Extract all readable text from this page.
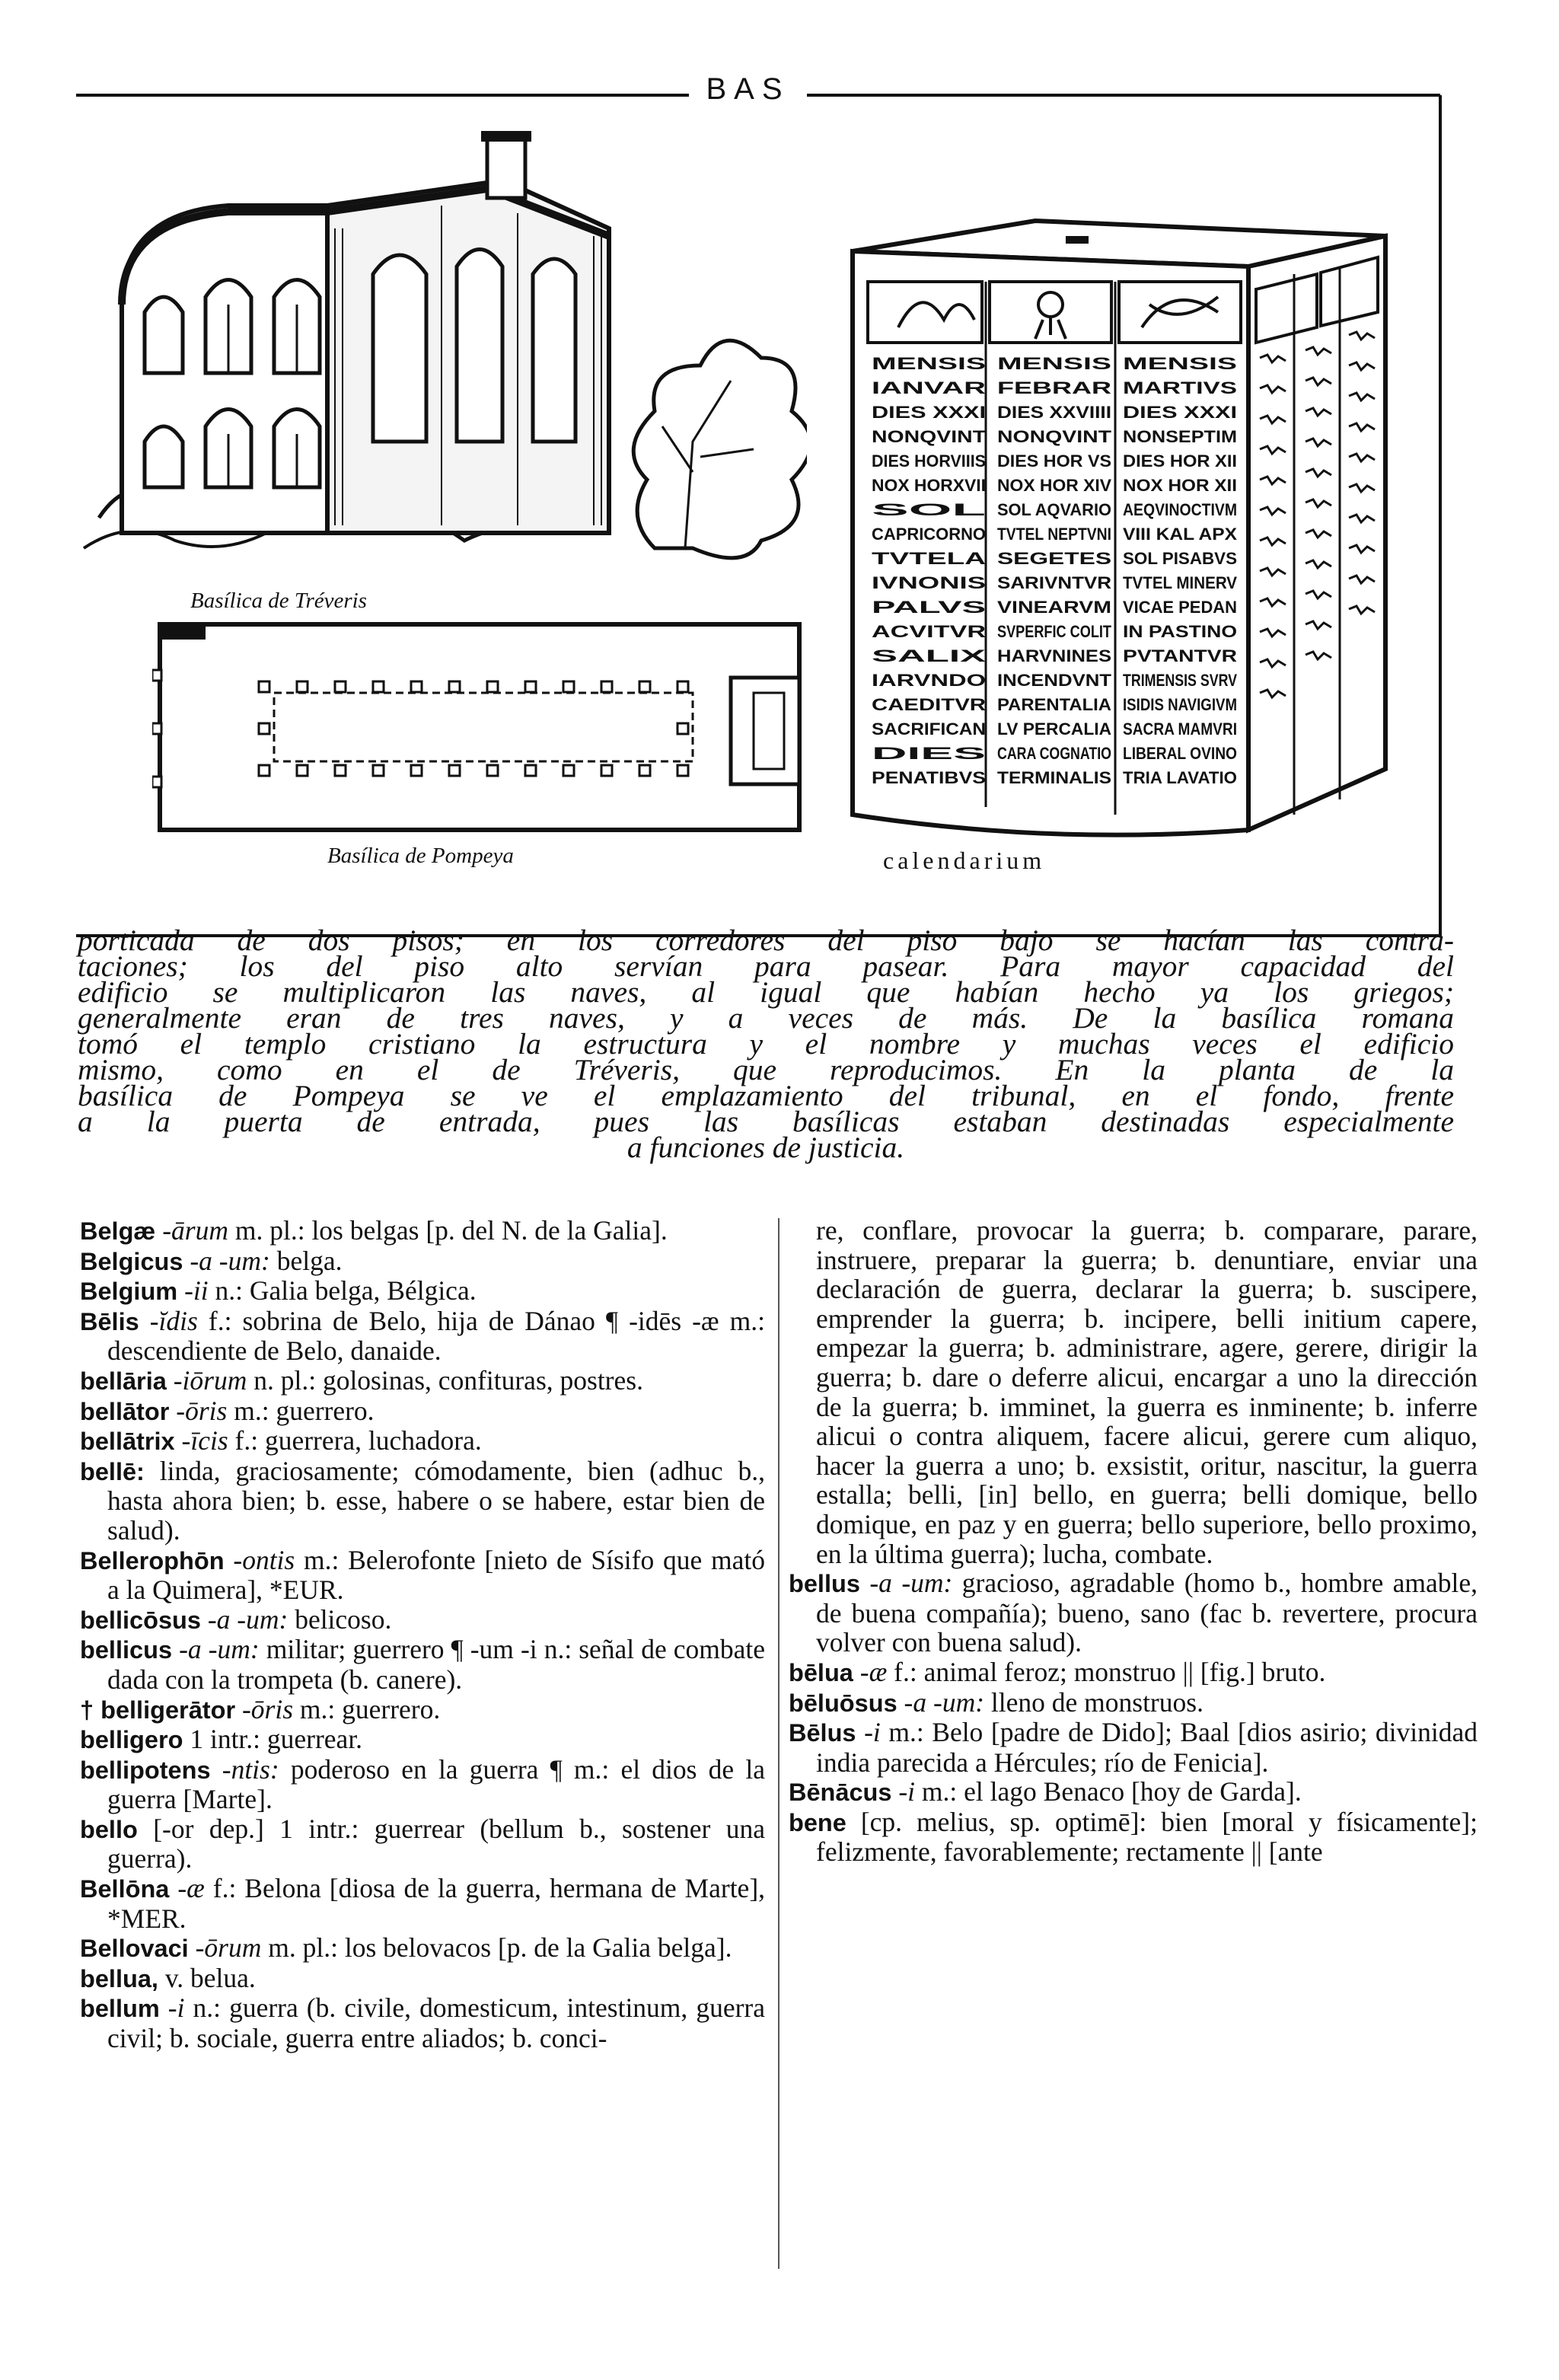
BAS
Basílica de Tréveris
Basílica de Pompeya
MENSIS
IANVAR
DIES XXXI
NONQVINT
DIES HORVIIIS
NOX HORXVII
SOL
CAPRICORNO
TVTELA
IVNONIS
PALVS
ACVITVR
SALIX
IARVNDO
CAEDITVR
SACRIFICAN
DIES
PENATIBVS
MENSIS
FEBRAR
DIES XXVIIII
NONQVINT
DIES HOR VS
NOX HOR XIV
SOL AQVARIO
TVTEL NEPTVNI
SEGETES
SARIVNTVR
VINEARVM
SVPERFIC COLIT
HARVNINES
INCENDVNT
PARENTALIA
LV PERCALIA
CARA COGNATIO
TERMINALIS
MENSIS
MARTIVS
DIES XXXI
NONSEPTIM
DIES HOR XII
NOX HOR XII
AEQVINOCTIVM
VIII KAL APX
SOL PISABVS
TVTEL MINERV
VICAE PEDAN
IN PASTINO
PVTANTVR
TRIMENSIS SVRV
ISIDIS NAVIGIVM
SACRA MAMVRI
LIBERAL OVINO
TRIA LAVATIO
calendarium
porticada de dos pisos; en los corredores del piso bajo se hacían las contra-
taciones; los del piso alto servían para pasear. Para mayor capacidad del
edificio se multiplicaron las naves, al igual que habían hecho ya los griegos;
generalmente eran de tres naves, y a veces de más. De la basílica romana
tomó el templo cristiano la estructura y el nombre y muchas veces el edificio
mismo, como en el de Tréveris, que reproducimos. En la planta de la
basílica de Pompeya se ve el emplazamiento del tribunal, en el fondo, frente
a la puerta de entrada, pues las basílicas estaban destinadas especialmente
a funciones de justicia.

Belgæ -ārum m. pl.: los belgas [p. del N. de la Galia].

Belgicus -a -um: belga.

Belgium -ii n.: Galia belga, Bélgica.

Bēlis -ĭdis f.: sobrina de Belo, hija de Dánao ¶ -idēs -æ m.: descendiente de Belo, danaide.

bellāria -iōrum n. pl.: golosinas, confituras, postres.

bellātor -ōris m.: guerrero.

bellātrix -īcis f.: guerrera, luchadora.

bellē: linda, graciosamente; cómodamente, bien (adhuc b., hasta ahora bien; b. esse, habere o se habere, estar bien de salud).

Bellerophōn -ontis m.: Belerofonte [nieto de Sísifo que mató a la Quimera], *EUR.

bellicōsus -a -um: belicoso.

bellicus -a -um: militar; guerrero ¶ -um -i n.: señal de combate dada con la trompeta (b. canere).

† belligerātor -ōris m.: guerrero.

belligero 1 intr.: guerrear.

bellipotens -ntis: poderoso en la guerra ¶ m.: el dios de la guerra [Marte].

bello [-or dep.] 1 intr.: guerrear (bellum b., sostener una guerra).

Bellōna -æ f.: Belona [diosa de la guerra, hermana de Marte], *MER.

Bellovaci -ōrum m. pl.: los belovacos [p. de la Galia belga].

bellua, v. belua.

bellum -i n.: guerra (b. civile, domesticum, intestinum, guerra civil; b. sociale, guerra entre aliados; b. conci-

re, conflare, provocar la guerra; b. comparare, parare, instruere, preparar la guerra; b. denuntiare, enviar una declaración de guerra, declarar la guerra; b. suscipere, emprender la guerra; b. incipere, belli initium capere, empezar la guerra; b. administrare, agere, gerere, dirigir la guerra; b. dare o deferre alicui, encargar a uno la dirección de la guerra; b. imminet, la guerra es inminente; b. inferre alicui o contra aliquem, facere alicui, gerere cum aliquo, hacer la guerra a uno; b. exsistit, oritur, nascitur, la guerra estalla; belli, [in] bello, en guerra; belli domique, bello domique, en paz y en guerra; bello superiore, bello proximo, en la última guerra); lucha, combate.

bellus -a -um: gracioso, agradable (homo b., hombre amable, de buena compañía); bueno, sano (fac b. revertere, procura volver con buena salud).

bēlua -æ f.: animal feroz; monstruo || [fig.] bruto.

bēluōsus -a -um: lleno de monstruos.

Bēlus -i m.: Belo [padre de Dido]; Baal [dios asirio; divinidad india parecida a Hércules; río de Fenicia].

Bēnācus -i m.: el lago Benaco [hoy de Garda].

bene [cp. melius, sp. optimē]: bien [moral y físicamente]; felizmente, favorablemente; rectamente || [ante
